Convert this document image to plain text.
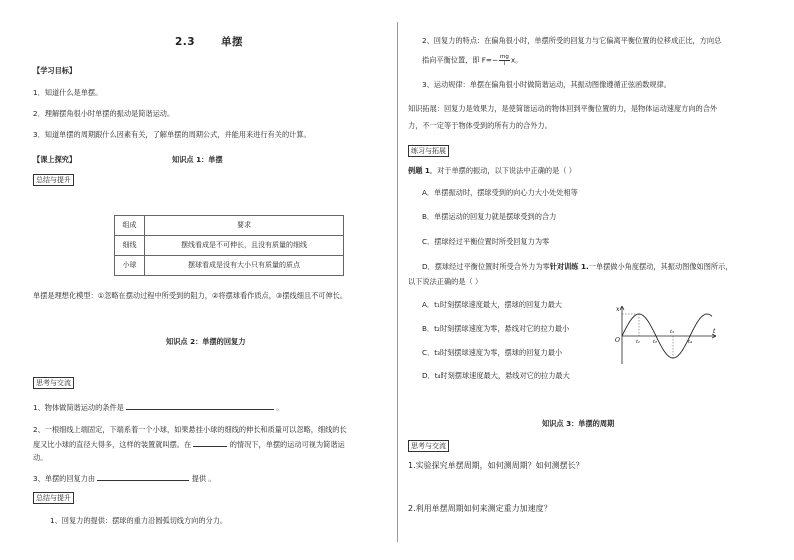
2.3 单摆
【学习目标】
1．知道什么是单摆。
2．理解摆角很小时单摆的振动是简谐运动。
3．知道单摆的周期跟什么因素有关，了解单摆的周期公式，并能用来进行有关的计算。
【课上探究】	知识点 1：单摆
总结与提升
组成	要求
细线	摆线看成是不可伸长，且没有质量的细线
小球	摆球看成是没有大小只有质量的质点
单摆是理想化模型：①忽略在摆动过程中所受到的阻力，②将摆球看作质点，③摆线细且不可伸长。
知识点 2：单摆的回复力
思考与交流
1、物体做简谐运动的条件是	。
2、一根细线上端固定，下端系着一个小球，如果悬挂小球的细线的伸长和质量可以忽略，细线的长
度又比小球的直径大得多，这样的装置就叫摆。在	的情况下，单摆的运动可视为简谐运
动。
3、单摆的回复力由	提供 。
总结与提升
1、回复力的提供：摆球的重力沿圆弧切线方向的分力。
2、回复力的特点：在偏角很小时，单摆所受的回复力与它偏离平衡位置的位移成正比，方向总
指向平衡位置，即 $F=- \frac{mg}{l}$ x。
3、运动规律：单摆在偏角很小时做简谐运动，其振动图像遵循正弦函数规律。
知识拓展：回复力是效果力，是使简谐运动的物体回到平衡位置的力，是物体运动速度方向的合外
力，不一定等于物体受到的所有力的合外力。
练习与拓展
例题 1．对于单摆的振动，以下说法中正确的是（ ）
A．单摆振动时，摆球受到的向心力大小处处相等
B．单摆运动的回复力就是摆球受到的合力
C．摆球经过平衡位置时所受回复力为零
D．摆球经过平衡位置时所受合外力为零针对训练 1.一单摆做小角度摆动，其振动图像如图所示，
以下说法正确的是（ ）
A．t₁时刻摆球速度最大，摆球的回复力最大
B．t₂时刻摆球速度为零，悬线对它的拉力最小
C．t₃时刻摆球速度为零，摆球的回复力最小
D．t₄时刻摆球速度最大，悬线对它的拉力最大
x
t
O	t₁	t₂
t₃
t₄
知识点 3：单摆的周期
思考与交流
1.实验探究单摆周期，如何测周期？如何测摆长？
2.利用单摆周期如何来测定重力加速度？
